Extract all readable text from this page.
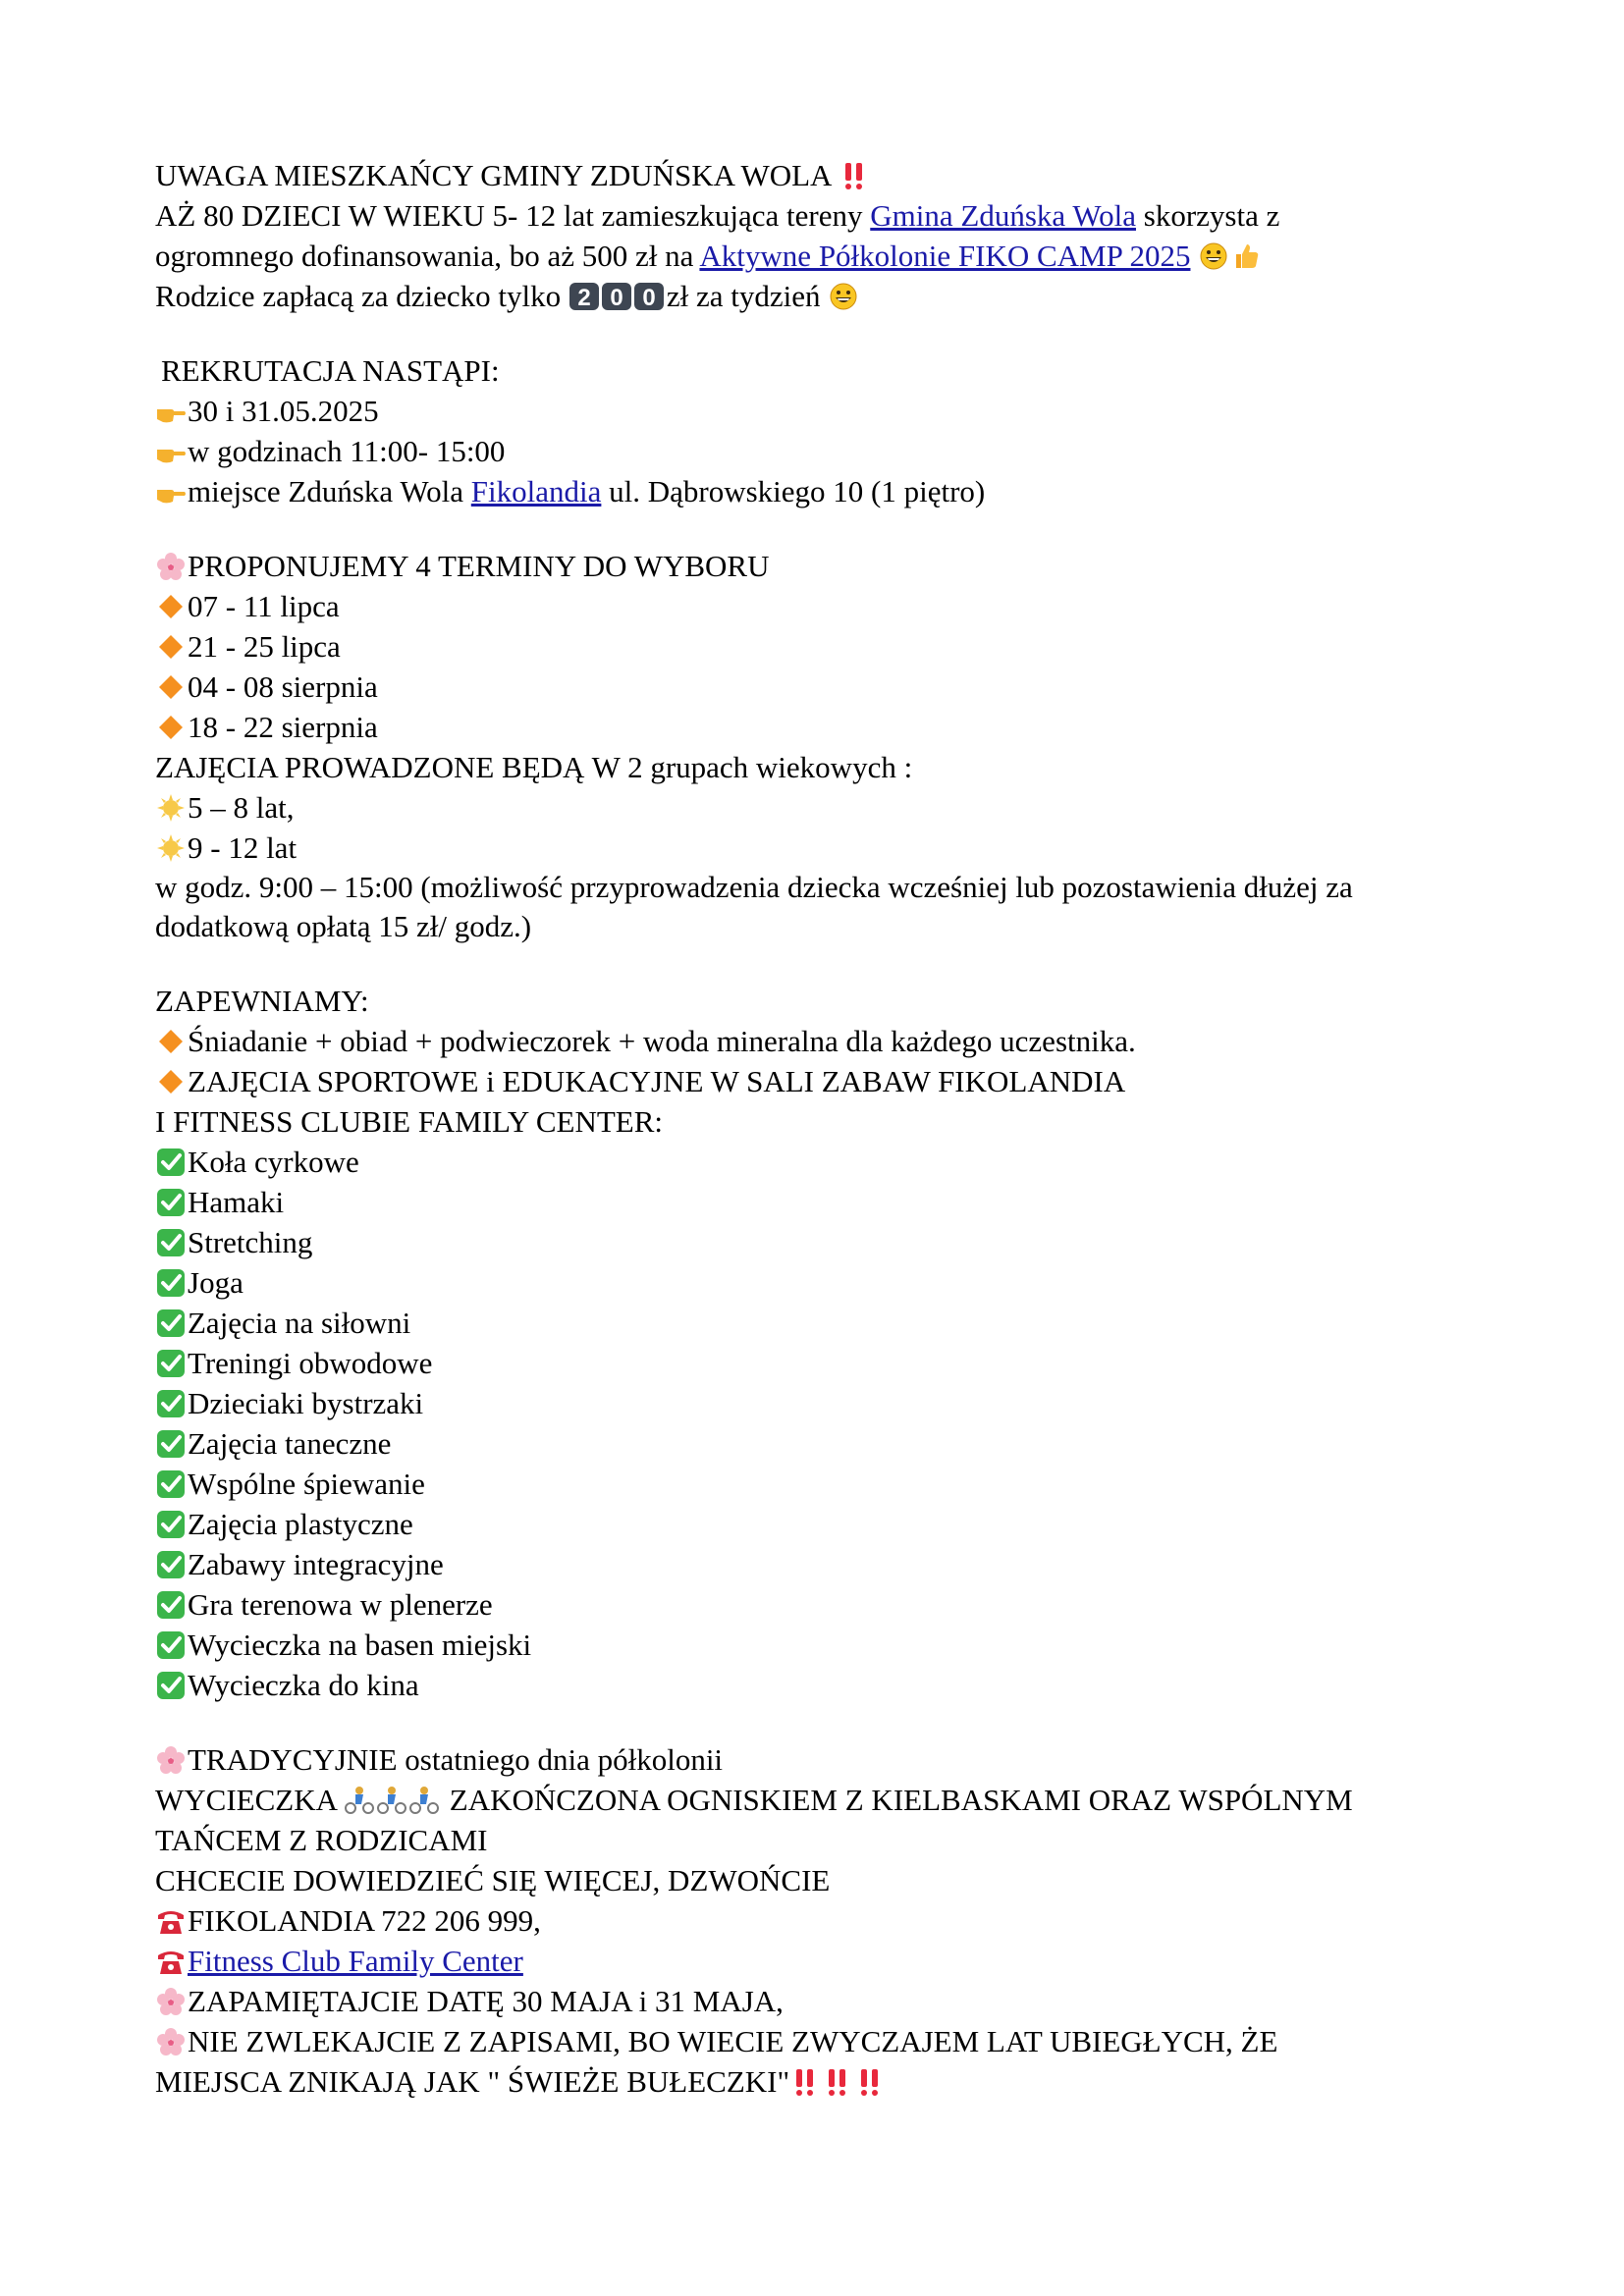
UWAGA MIESZKAŃCY GMINY ZDUŃSKA WOLA
AŻ 80 DZIECI W WIEKU 5- 12 lat zamieszkująca tereny Gmina Zduńska Wola skorzysta z
ogromnego dofinansowania, bo aż 500 zł na Aktywne Półkolonie FIKO CAMP 2025
Rodzice zapłacą za dziecko tylko 2 0 0 zł za tydzień
REKRUTACJA NASTĄPI:
30 i 31.05.2025
w godzinach 11:00- 15:00
miejsce Zduńska Wola Fikolandia ul. Dąbrowskiego 10 (1 piętro)
PROPONUJEMY 4 TERMINY DO WYBORU
07 - 11 lipca
21 - 25 lipca
04 - 08 sierpnia
18 - 22 sierpnia
ZAJĘCIA PROWADZONE BĘDĄ W 2 grupach wiekowych :
5 – 8 lat,
9 - 12 lat
w godz. 9:00 – 15:00 (możliwość przyprowadzenia dziecka wcześniej lub pozostawienia dłużej za dodatkową opłatą 15 zł/ godz.)
ZAPEWNIAMY:
Śniadanie + obiad + podwieczorek + woda mineralna dla każdego uczestnika.
ZAJĘCIA SPORTOWE i EDUKACYJNE W SALI ZABAW FIKOLANDIA
I FITNESS CLUBIE FAMILY CENTER:
Koła cyrkowe
Hamaki
Stretching
Joga
Zajęcia na siłowni
Treningi obwodowe
Dzieciaki bystrzaki
Zajęcia taneczne
Wspólne śpiewanie
Zajęcia plastyczne
Zabawy integracyjne
Gra terenowa w plenerze
Wycieczka na basen miejski
Wycieczka do kina
TRADYCYJNIE ostatniego dnia półkolonii
WYCIECZKA	ZAKOŃCZONA OGNISKIEM Z KIELBASKAMI ORAZ WSPÓLNYM
TAŃCEM Z RODZICAMI
CHCECIE DOWIEDZIEĆ SIĘ WIĘCEJ, DZWOŃCIE
FIKOLANDIA 722 206 999,
Fitness Club Family Center
ZAPAMIĘTAJCIE DATĘ 30 MAJA i 31 MAJA,
NIE ZWLEKAJCIE Z ZAPISAMI, BO WIECIE ZWYCZAJEM LAT UBIEGŁYCH, ŻE
MIEJSCA ZNIKAJĄ JAK " ŚWIEŻE BUŁECZKI"
